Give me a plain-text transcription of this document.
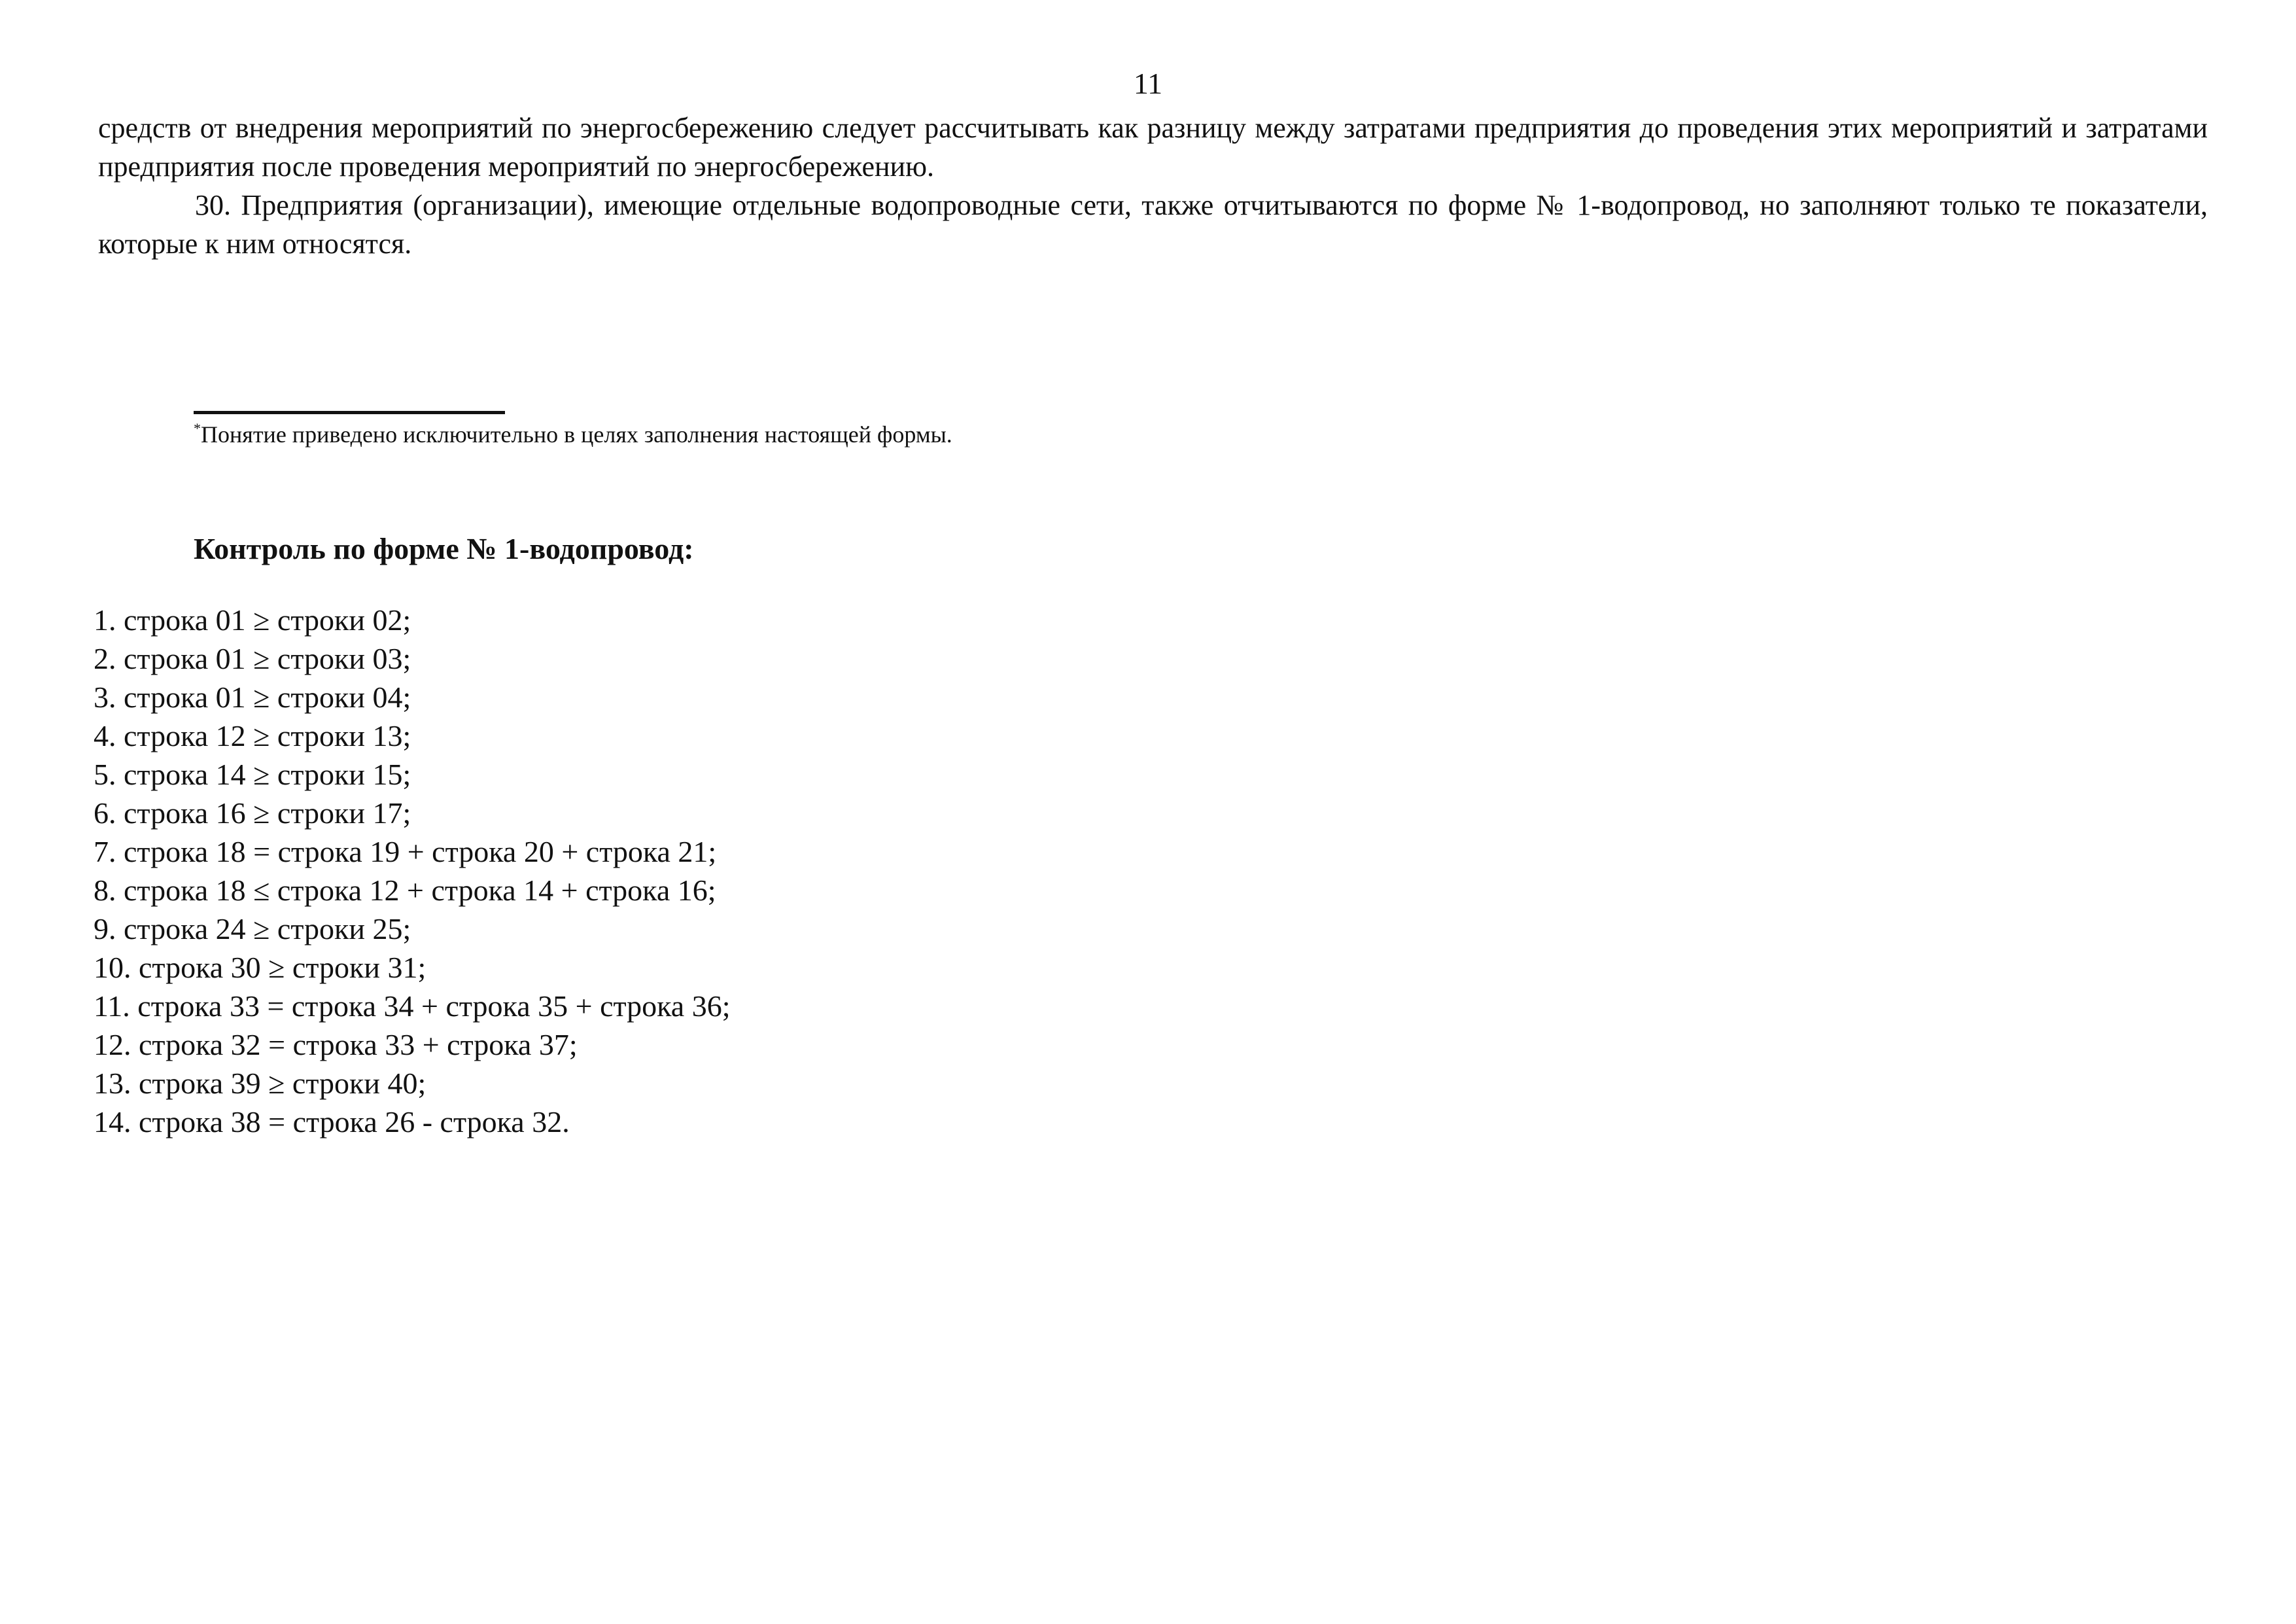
11

средств от внедрения мероприятий по энергосбережению следует рассчитывать как разницу между затратами предприятия до проведения этих мероприятий и затратами предприятия после проведения мероприятий по энергосбережению.

30. Предприятия (организации), имеющие отдельные водопроводные сети, также отчитываются по форме № 1-водопровод, но заполняют только те показатели, которые к ним относятся.

*Понятие приведено исключительно в целях заполнения настоящей формы.
Контроль по форме № 1-водопровод:
1. строка 01 ≥ строки 02;
2. строка 01 ≥ строки 03;
3. строка 01 ≥ строки 04;
4. строка 12 ≥ строки 13;
5. строка 14 ≥ строки 15;
6. строка 16 ≥ строки 17;
7. строка 18 = строка 19 + строка 20 + строка 21;
8. строка 18 ≤ строка 12 + строка 14 + строка 16;
9. строка 24 ≥ строки 25;
10. строка 30 ≥ строки 31;
11. строка 33 = строка 34 + строка 35 + строка 36;
12. строка 32 = строка 33 + строка 37;
13. строка 39 ≥ строки 40;
14. строка 38 = строка 26 - строка 32.
